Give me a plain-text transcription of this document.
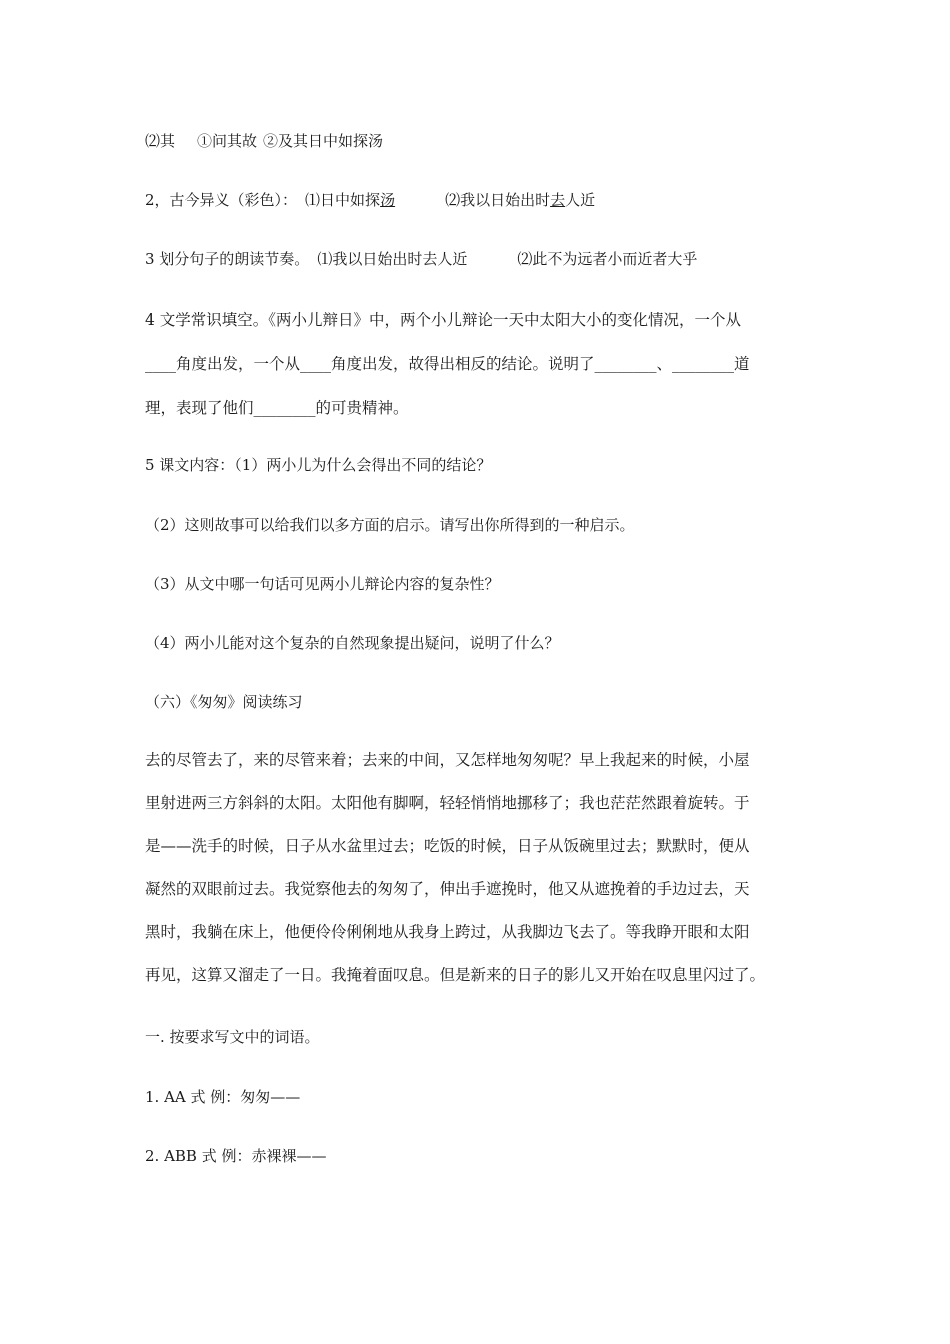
⑵其 ①问其故 ②及其日中如探汤
2，古今异义（彩色）： ⑴日中如探汤	⑵我以日始出时去人近
3 划分句子的朗读节奏。 ⑴我以日始出时去人近	⑵此不为远者小而近者大乎
4 文学常识填空。《两小儿辩日》中，两个小儿辩论一天中太阳大小的变化情况，一个从
____角度出发，一个从____角度出发，故得出相反的结论。说明了________、________道
理，表现了他们________的可贵精神。
5 课文内容：（1）两小儿为什么会得出不同的结论？
（2）这则故事可以给我们以多方面的启示。请写出你所得到的一种启示。
（3）从文中哪一句话可见两小儿辩论内容的复杂性？
（4）两小儿能对这个复杂的自然现象提出疑问，说明了什么？
（六）《匆匆》阅读练习
去的尽管去了，来的尽管来着；去来的中间，又怎样地匆匆呢？早上我起来的时候，小屋
里射进两三方斜斜的太阳。太阳他有脚啊，轻轻悄悄地挪移了；我也茫茫然跟着旋转。于
是——洗手的时候，日子从水盆里过去；吃饭的时候，日子从饭碗里过去；默默时，便从
凝然的双眼前过去。我觉察他去的匆匆了，伸出手遮挽时，他又从遮挽着的手边过去，天
黑时，我躺在床上，他便伶伶俐俐地从我身上跨过，从我脚边飞去了。等我睁开眼和太阳
再见，这算又溜走了一日。我掩着面叹息。但是新来的日子的影儿又开始在叹息里闪过了。
一. 按要求写文中的词语。
1. AA 式 例：匆匆——
2. ABB 式 例：赤裸裸——
